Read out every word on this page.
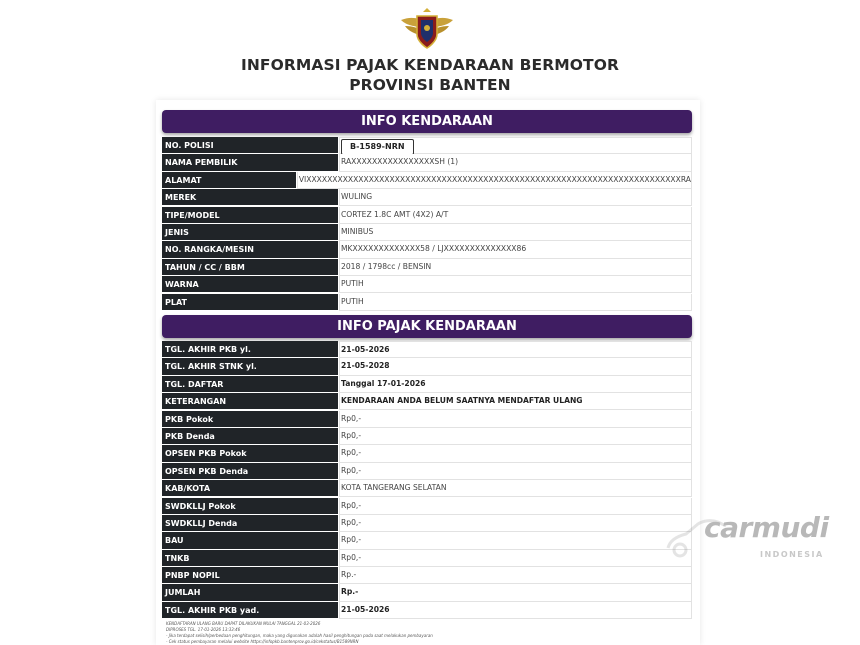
INFORMASI PAJAK KENDARAAN BERMOTOR
PROVINSI BANTEN
INFO KENDARAAN
NO. POLISI	B-1589-NRN
NAMA PEMBILIK	RAXXXXXXXXXXXXXXXXSH (1)
ALAMAT	VIXXXXXXXXXXXXXXXXXXXXXXXXXXXXXXXXXXXXXXXXXXXXXXXXXXXXXXXXXXXXXXXXXXXXXXXXRA
MEREK	WULING
TIPE/MODEL	CORTEZ 1.8C AMT (4X2) A/T
JENIS	MINIBUS
NO. RANGKA/MESIN	MKXXXXXXXXXXXXX58 / LJXXXXXXXXXXXXXX86
TAHUN / CC / BBM	2018 / 1798cc / BENSIN
WARNA	PUTIH
PLAT	PUTIH
INFO PAJAK KENDARAAN
TGL. AKHIR PKB yl.	21-05-2026
TGL. AKHIR STNK yl.	21-05-2028
TGL. DAFTAR	Tanggal 17-01-2026
KETERANGAN	KENDARAAN ANDA BELUM SAATNYA MENDAFTAR ULANG
PKB Pokok	Rp0,-
PKB Denda	Rp0,-
OPSEN PKB Pokok	Rp0,-
OPSEN PKB Denda	Rp0,-
KAB/KOTA	KOTA TANGERANG SELATAN
SWDKLLJ Pokok	Rp0,-
SWDKLLJ Denda	Rp0,-
BAU	Rp0,-
TNKB	Rp0,-
PNBP NOPIL	Rp.-
JUMLAH	Rp.-
TGL. AKHIR PKB yad.	21-05-2026
KENDAFTARAN ULANG BARU DAPAT DILAKUKAN MULAI TANGGAL 21-03-2026
DIPROSES TGL. 17-01-2026 13:33:46
- Jika terdapat selisih/perbedaan penghitungan, maka yang digunakan adalah hasil penghitungan pada saat melakukan pembayaran
- Cek status pembayaran melalui website https://infopkb.bantenprov.go.id/cekstatus/B1589NRN
carmudi
INDONESIA
